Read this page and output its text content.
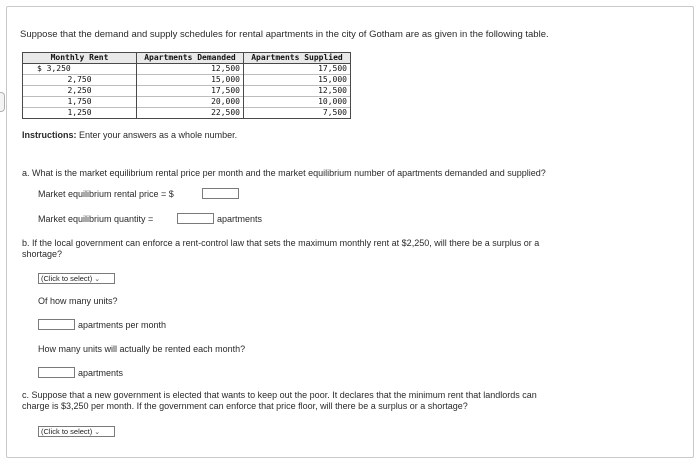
Suppose that the demand and supply schedules for rental apartments in the city of Gotham are as given in the following table.
Monthly Rent	Apartments Demanded	Apartments Supplied
$ 3,250	12,500	17,500
2,750	15,000	15,000
2,250	17,500	12,500
1,750	20,000	10,000
1,250	22,500	7,500
Instructions: Enter your answers as a whole number.
a. What is the market equilibrium rental price per month and the market equilibrium number of apartments demanded and supplied?
Market equilibrium rental price = $
Market equilibrium quantity =	apartments
b. If the local government can enforce a rent-control law that sets the maximum monthly rent at $2,250, will there be a surplus or a
shortage?
(Click to select) ⌄
Of how many units?
apartments per month
How many units will actually be rented each month?
apartments
c. Suppose that a new government is elected that wants to keep out the poor. It declares that the minimum rent that landlords can
charge is $3,250 per month. If the government can enforce that price floor, will there be a surplus or a shortage?
(Click to select) ⌄
